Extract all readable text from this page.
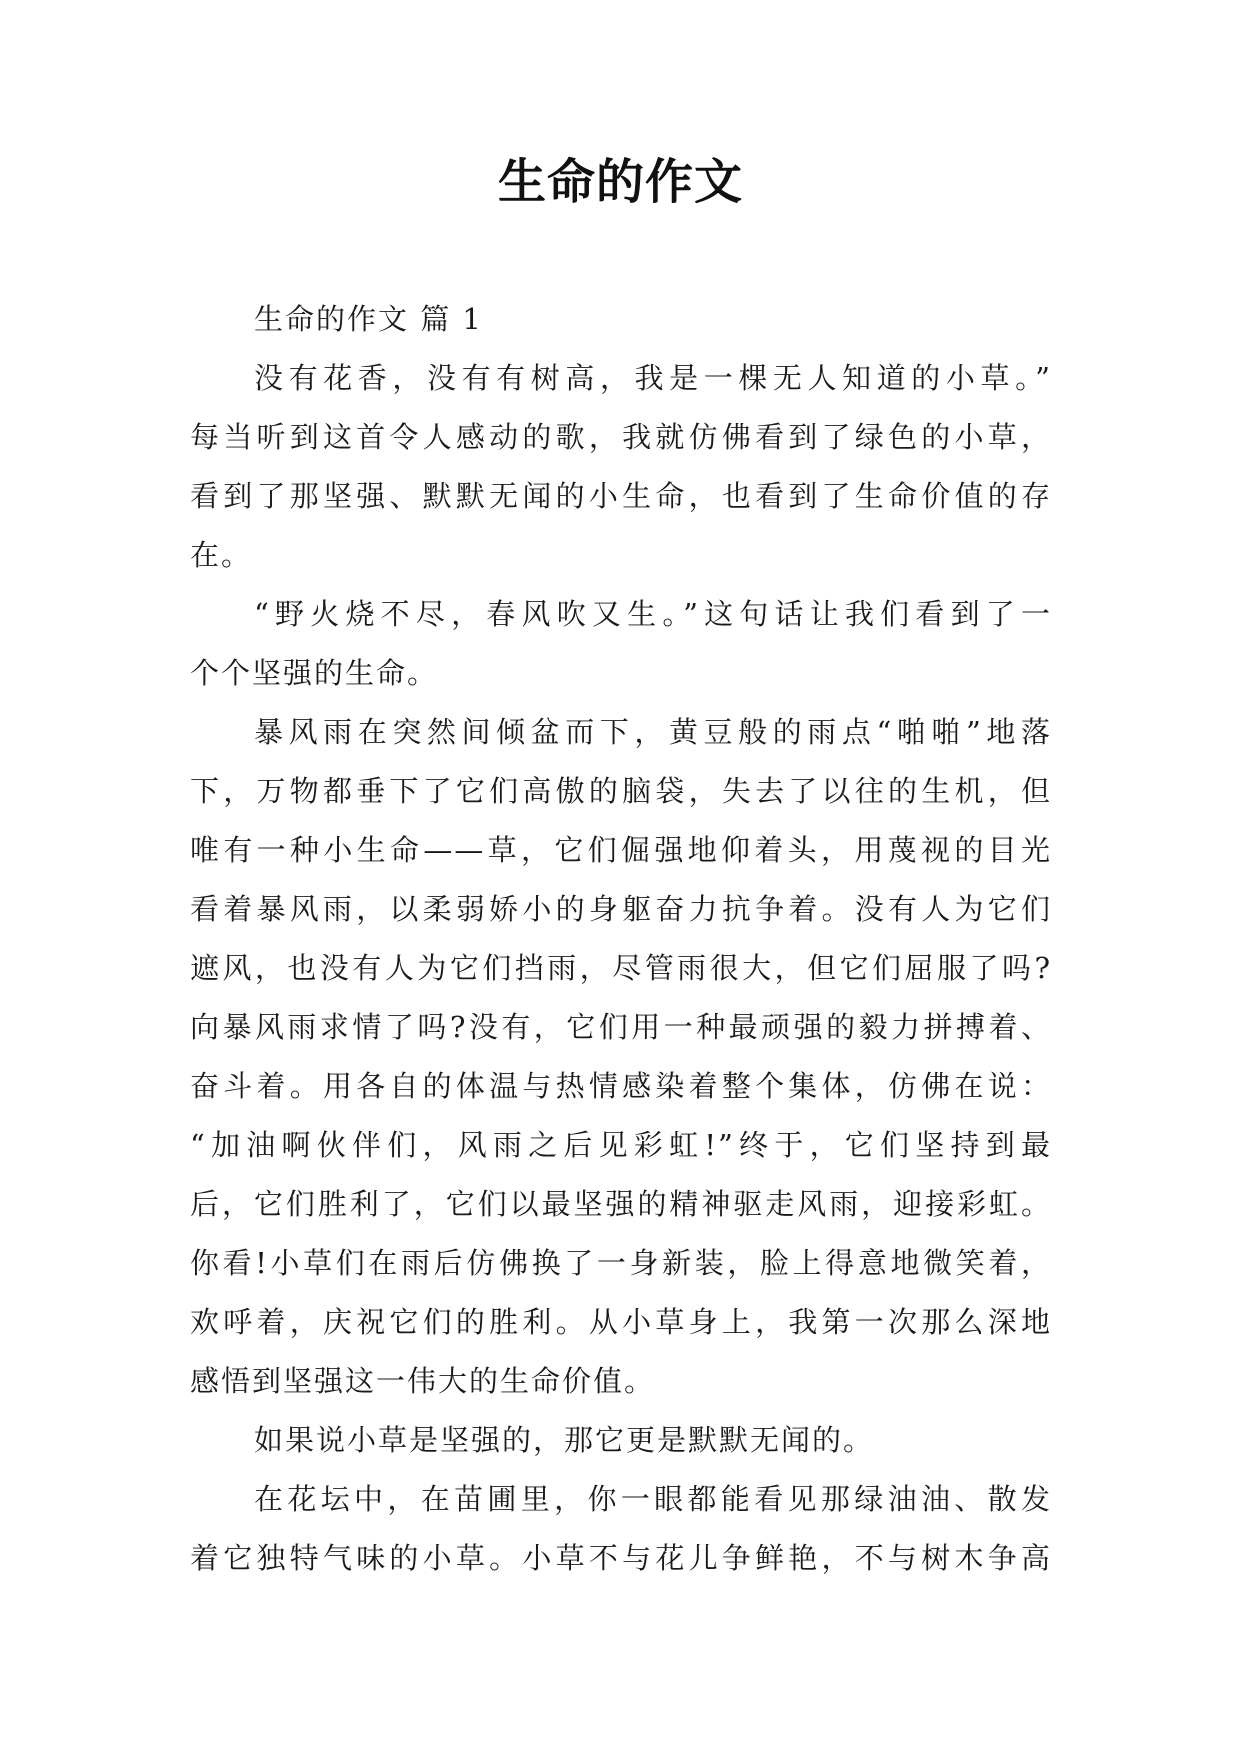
生命的作文

生命的作文 篇 1

没有花香，没有有树高，我是一棵无人知道的小草。”

每当听到这首令人感动的歌，我就仿佛看到了绿色的小草，

看到了那坚强、默默无闻的小生命，也看到了生命价值的存

在。

“野火烧不尽，春风吹又生。”这句话让我们看到了一

个个坚强的生命。

暴风雨在突然间倾盆而下，黄豆般的雨点“啪啪”地落

下，万物都垂下了它们高傲的脑袋，失去了以往的生机，但

唯有一种小生命——草，它们倔强地仰着头，用蔑视的目光

看着暴风雨，以柔弱娇小的身躯奋力抗争着。没有人为它们

遮风，也没有人为它们挡雨，尽管雨很大，但它们屈服了吗?

向暴风雨求情了吗?没有，它们用一种最顽强的毅力拼搏着、

奋斗着。用各自的体温与热情感染着整个集体，仿佛在说：

“加油啊伙伴们，风雨之后见彩虹!”终于，它们坚持到最

后，它们胜利了，它们以最坚强的精神驱走风雨，迎接彩虹。

你看!小草们在雨后仿佛换了一身新装，脸上得意地微笑着，

欢呼着，庆祝它们的胜利。从小草身上，我第一次那么深地

感悟到坚强这一伟大的生命价值。

如果说小草是坚强的，那它更是默默无闻的。

在花坛中，在苗圃里，你一眼都能看见那绿油油、散发

着它独特气味的小草。小草不与花儿争鲜艳，不与树木争高
